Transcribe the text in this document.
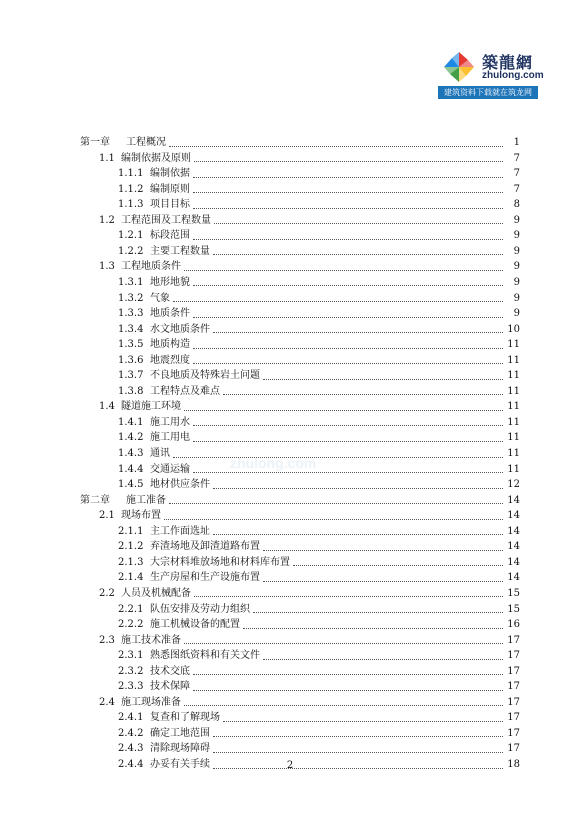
zhulong.com
築龍網
zhulong.com
建筑资料下载就在筑龙网
第一章	工程概况	1
1.1 编制依据及原则	7
1.1.1 编制依据	7
1.1.2 编制原则	7
1.1.3 项目目标	8
1.2 工程范围及工程数量	9
1.2.1 标段范围	9
1.2.2 主要工程数量	9
1.3 工程地质条件	9
1.3.1 地形地貌	9
1.3.2 气象	9
1.3.3 地质条件	9
1.3.4 水文地质条件	10
1.3.5 地质构造	11
1.3.6 地震烈度	11
1.3.7 不良地质及特殊岩土问题	11
1.3.8 工程特点及难点	11
1.4 隧道施工环境	11
1.4.1 施工用水	11
1.4.2 施工用电	11
1.4.3 通讯	11
1.4.4 交通运输	11
1.4.5 地材供应条件	12
第二章	施工准备	14
2.1 现场布置	14
2.1.1 主工作面选址	14
2.1.2 弃渣场地及卸渣道路布置	14
2.1.3 大宗材料堆放场地和材料库布置	14
2.1.4 生产房屋和生产设施布置	14
2.2 人员及机械配备	15
2.2.1 队伍安排及劳动力组织	15
2.2.2 施工机械设备的配置	16
2.3 施工技术准备	17
2.3.1 熟悉图纸资料和有关文件	17
2.3.2 技术交底	17
2.3.3 技术保障	17
2.4 施工现场准备	17
2.4.1 复查和了解现场	17
2.4.2 确定工地范围	17
2.4.3 清除现场障碍	17
2.4.4 办妥有关手续	18
2
